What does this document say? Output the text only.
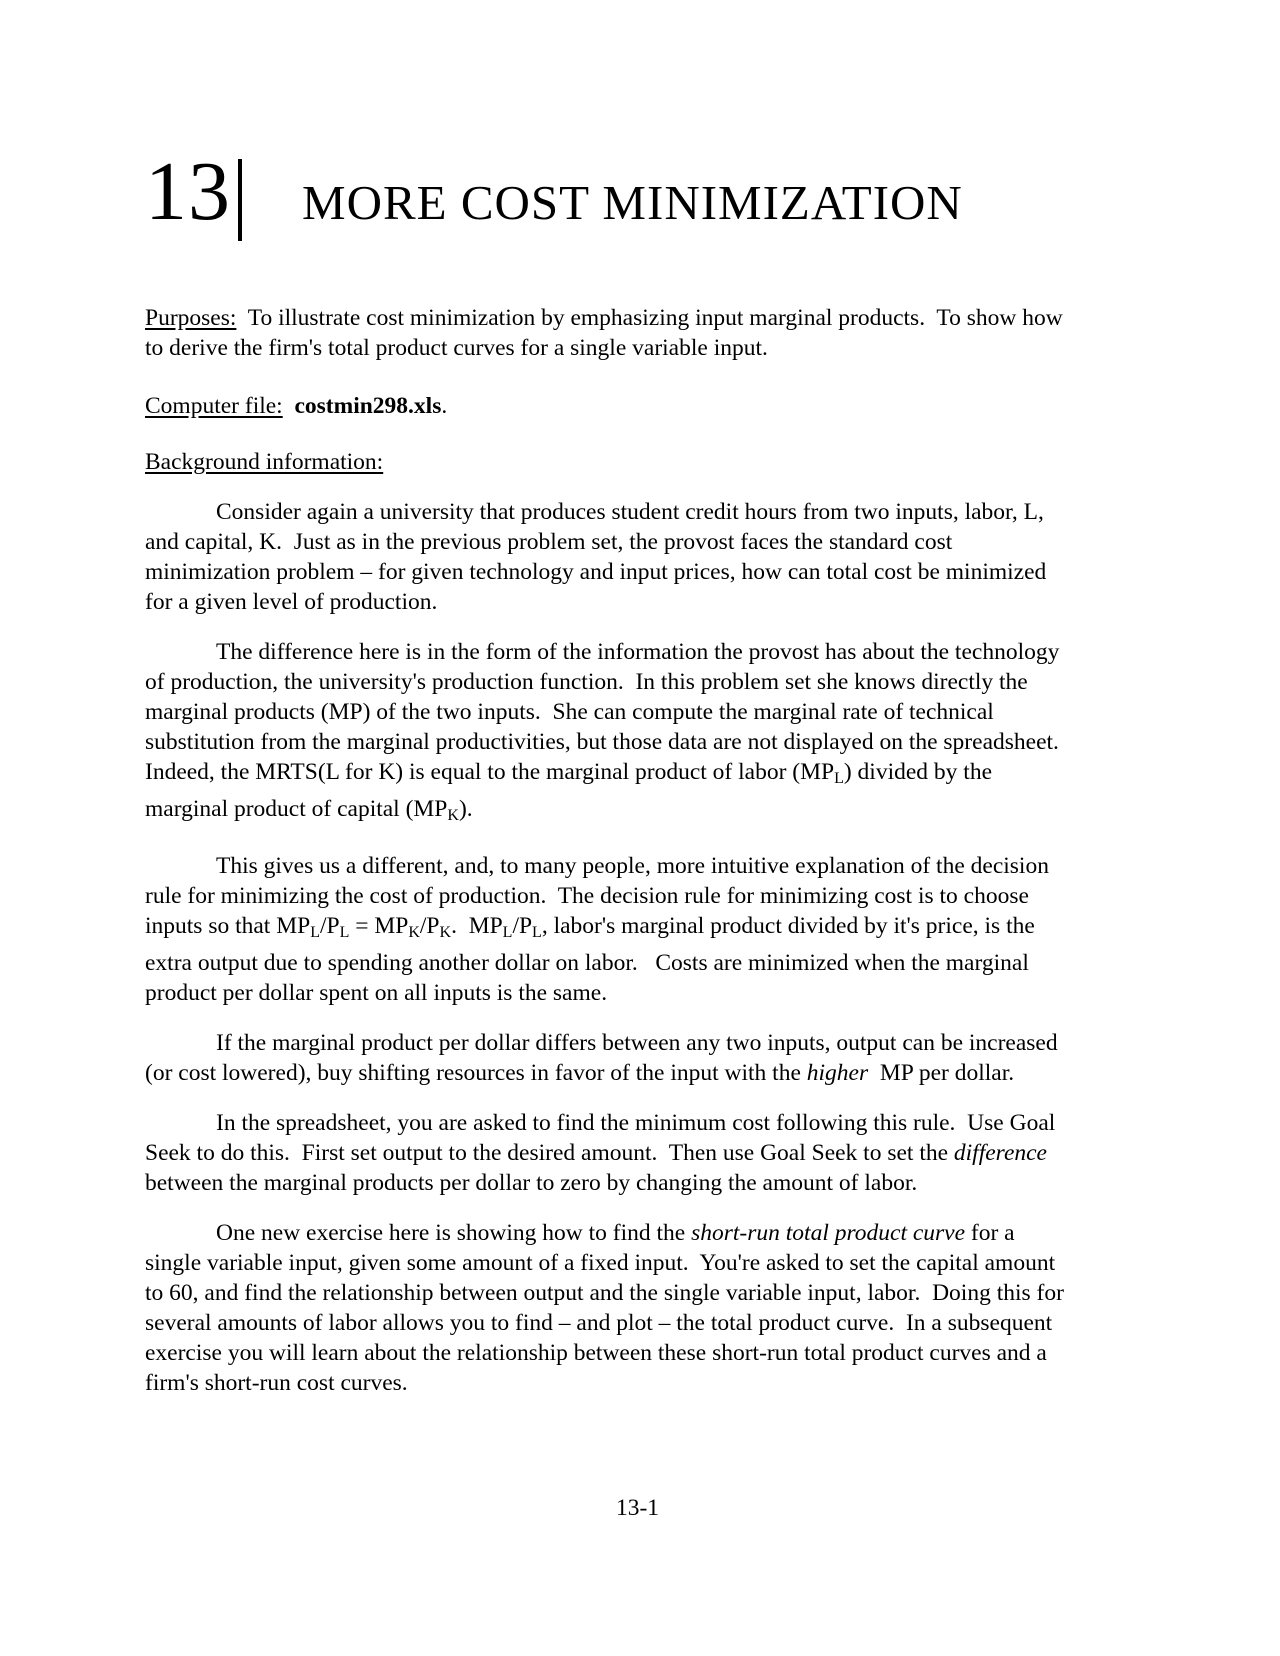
13 MORE COST MINIMIZATION
Purposes:  To illustrate cost minimization by emphasizing input marginal products.  To show how
to derive the firm's total product curves for a single variable input.
Computer file: costmin298.xls.
Background information:
Consider again a university that produces student credit hours from two inputs, labor, L,
and capital, K.  Just as in the previous problem set, the provost faces the standard cost
minimization problem – for given technology and input prices, how can total cost be minimized
for a given level of production.
The difference here is in the form of the information the provost has about the technology
of production, the university's production function.  In this problem set she knows directly the
marginal products (MP) of the two inputs.  She can compute the marginal rate of technical
substitution from the marginal productivities, but those data are not displayed on the spreadsheet.
Indeed, the MRTS(L for K) is equal to the marginal product of labor $(MP_L)$ divided by the
marginal product of capital $(MP_K)$.
This gives us a different, and, to many people, more intuitive explanation of the decision
rule for minimizing the cost of production.  The decision rule for minimizing cost is to choose
inputs so that $MP_L/P_L = MP_K/P_K$.  $MP_L/P_L$, labor's marginal product divided by it's price, is the
extra output due to spending another dollar on labor.   Costs are minimized when the marginal
product per dollar spent on all inputs is the same.
If the marginal product per dollar differs between any two inputs, output can be increased
(or cost lowered), buy shifting resources in favor of the input with the higher  MP per dollar.
In the spreadsheet, you are asked to find the minimum cost following this rule.  Use Goal
Seek to do this.  First set output to the desired amount.  Then use Goal Seek to set the difference
between the marginal products per dollar to zero by changing the amount of labor.
One new exercise here is showing how to find the short-run total product curve for a
single variable input, given some amount of a fixed input.  You're asked to set the capital amount
to 60, and find the relationship between output and the single variable input, labor.  Doing this for
several amounts of labor allows you to find – and plot – the total product curve.  In a subsequent
exercise you will learn about the relationship between these short-run total product curves and a
firm's short-run cost curves.
13-1
